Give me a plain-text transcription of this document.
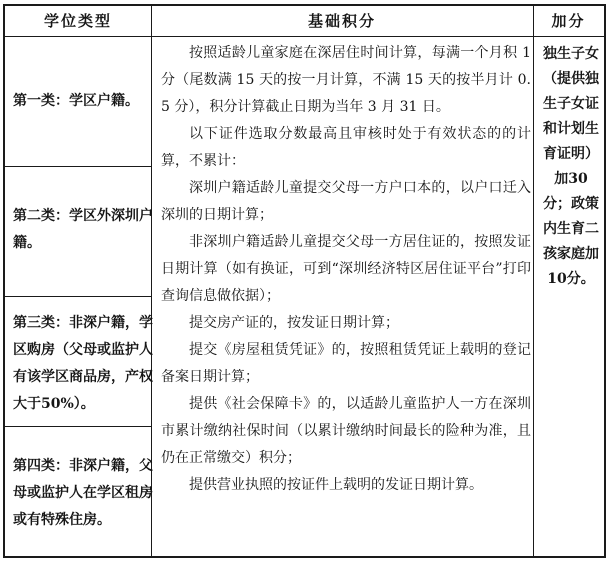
学位类型	基础积分	加分
第一类：学区户籍。
第二类：学区外深圳户籍。
第三类：非深户籍，学区购房（父母或监护人有该学区商品房，产权大于50%）。
第四类：非深户籍，父母或监护人在学区租房或有特殊住房。

按照适龄儿童家庭在深居住时间计算，每满一个月积 1 分（尾数满 15 天的按一月计算，不满 15 天的按半月计 0. 5 分），积分计算截止日期为当年 3 月 31 日。

以下证件选取分数最高且审核时处于有效状态的的计算，不累计：

深圳户籍适龄儿童提交父母一方户口本的，以户口迁入深圳的日期计算；

非深圳户籍适龄儿童提交父母一方居住证的，按照发证日期计算（如有换证，可到“深圳经济特区居住证平台”打印查询信息做依据）；

提交房产证的，按发证日期计算；

提交《房屋租赁凭证》的，按照租赁凭证上载明的登记备案日期计算；

提供《社会保障卡》的，以适龄儿童监护人一方在深圳市累计缴纳社保时间（以累计缴纳时间最长的险种为准，且仍在正常缴交）积分；

提供营业执照的按证件上载明的发证日期计算。

独生子女（提供独生子女证和计划生育证明）加30分；政策内生育二孩家庭加10分。
